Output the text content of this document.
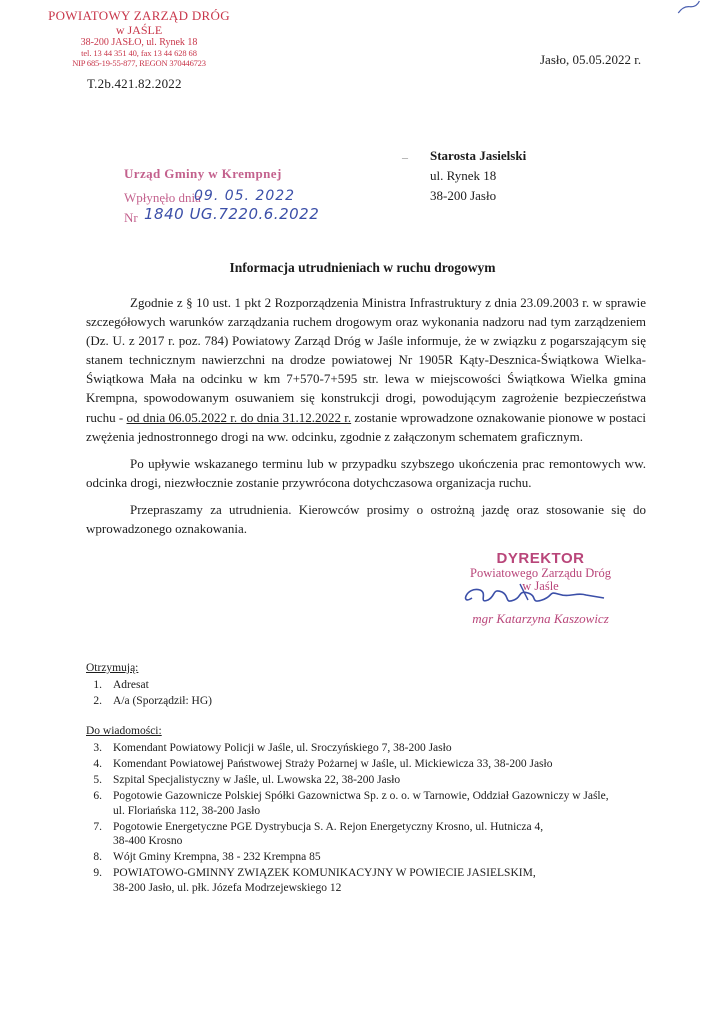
POWIATOWY ZARZĄD DRÓG
w JAŚLE
38-200 JASŁO, ul. Rynek 18
tel. 13 44 351 40, fax 13 44 628 68
NIP 685-19-55-877, REGON 370446723
T.2b.421.82.2022
Jasło, 05.05.2022 r.
– Starosta Jasielski
ul. Rynek 18
38-200 Jasło
Urząd Gminy w Krempnej
Wpłynęło dnia
09. 05. 2022
Nr 1840 UG.7220.6.2022
Informacja utrudnieniach w ruchu drogowym

Zgodnie z § 10 ust. 1 pkt 2 Rozporządzenia Ministra Infrastruktury z dnia 23.09.2003 r. w sprawie szczegółowych warunków zarządzania ruchem drogowym oraz wykonania nadzoru nad tym zarządzeniem (Dz. U. z 2017 r. poz. 784) Powiatowy Zarząd Dróg w Jaśle informuje, że w związku z pogarszającym się stanem technicznym nawierzchni na drodze powiatowej Nr 1905R Kąty-Desznica-Świątkowa Wielka-Świątkowa Mała na odcinku w km 7+570-7+595 str. lewa w miejscowości Świątkowa Wielka gmina Krempna, spowodowanym osuwaniem się konstrukcji drogi, powodującym zagrożenie bezpieczeństwa ruchu - od dnia 06.05.2022 r. do dnia 31.12.2022 r. zostanie wprowadzone oznakowanie pionowe w postaci zwężenia jednostronnego drogi na ww. odcinku, zgodnie z załączonym schematem graficznym.

Po upływie wskazanego terminu lub w przypadku szybszego ukończenia prac remontowych ww. odcinka drogi, niezwłocznie zostanie przywrócona dotychczasowa organizacja ruchu.

Przepraszamy za utrudnienia. Kierowców prosimy o ostrożną jazdę oraz stosowanie się do wprowadzonego oznakowania.

DYREKTOR
Powiatowego Zarządu Dróg
w Jaśle
mgr Katarzyna Kaszowicz
Otrzymują:
1. Adresat
2. A/a (Sporządził: HG)
Do wiadomości:
3. Komendant Powiatowy Policji w Jaśle, ul. Sroczyńskiego 7, 38-200 Jasło
4. Komendant Powiatowej Państwowej Straży Pożarnej w Jaśle, ul. Mickiewicza 33, 38-200 Jasło
5. Szpital Specjalistyczny w Jaśle, ul. Lwowska 22, 38-200 Jasło
6. Pogotowie Gazownicze Polskiej Spółki Gazownictwa Sp. z o. o. w Tarnowie, Oddział Gazowniczy w Jaśle,
ul. Floriańska 112, 38-200 Jasło
7. Pogotowie Energetyczne PGE Dystrybucja S. A. Rejon Energetyczny Krosno, ul. Hutnicza 4,
38-400 Krosno
8. Wójt Gminy Krempna, 38 - 232 Krempna 85
9. POWIATOWO-GMINNY ZWIĄZEK KOMUNIKACYJNY W POWIECIE JASIELSKIM,
38-200 Jasło, ul. płk. Józefa Modrzejewskiego 12
